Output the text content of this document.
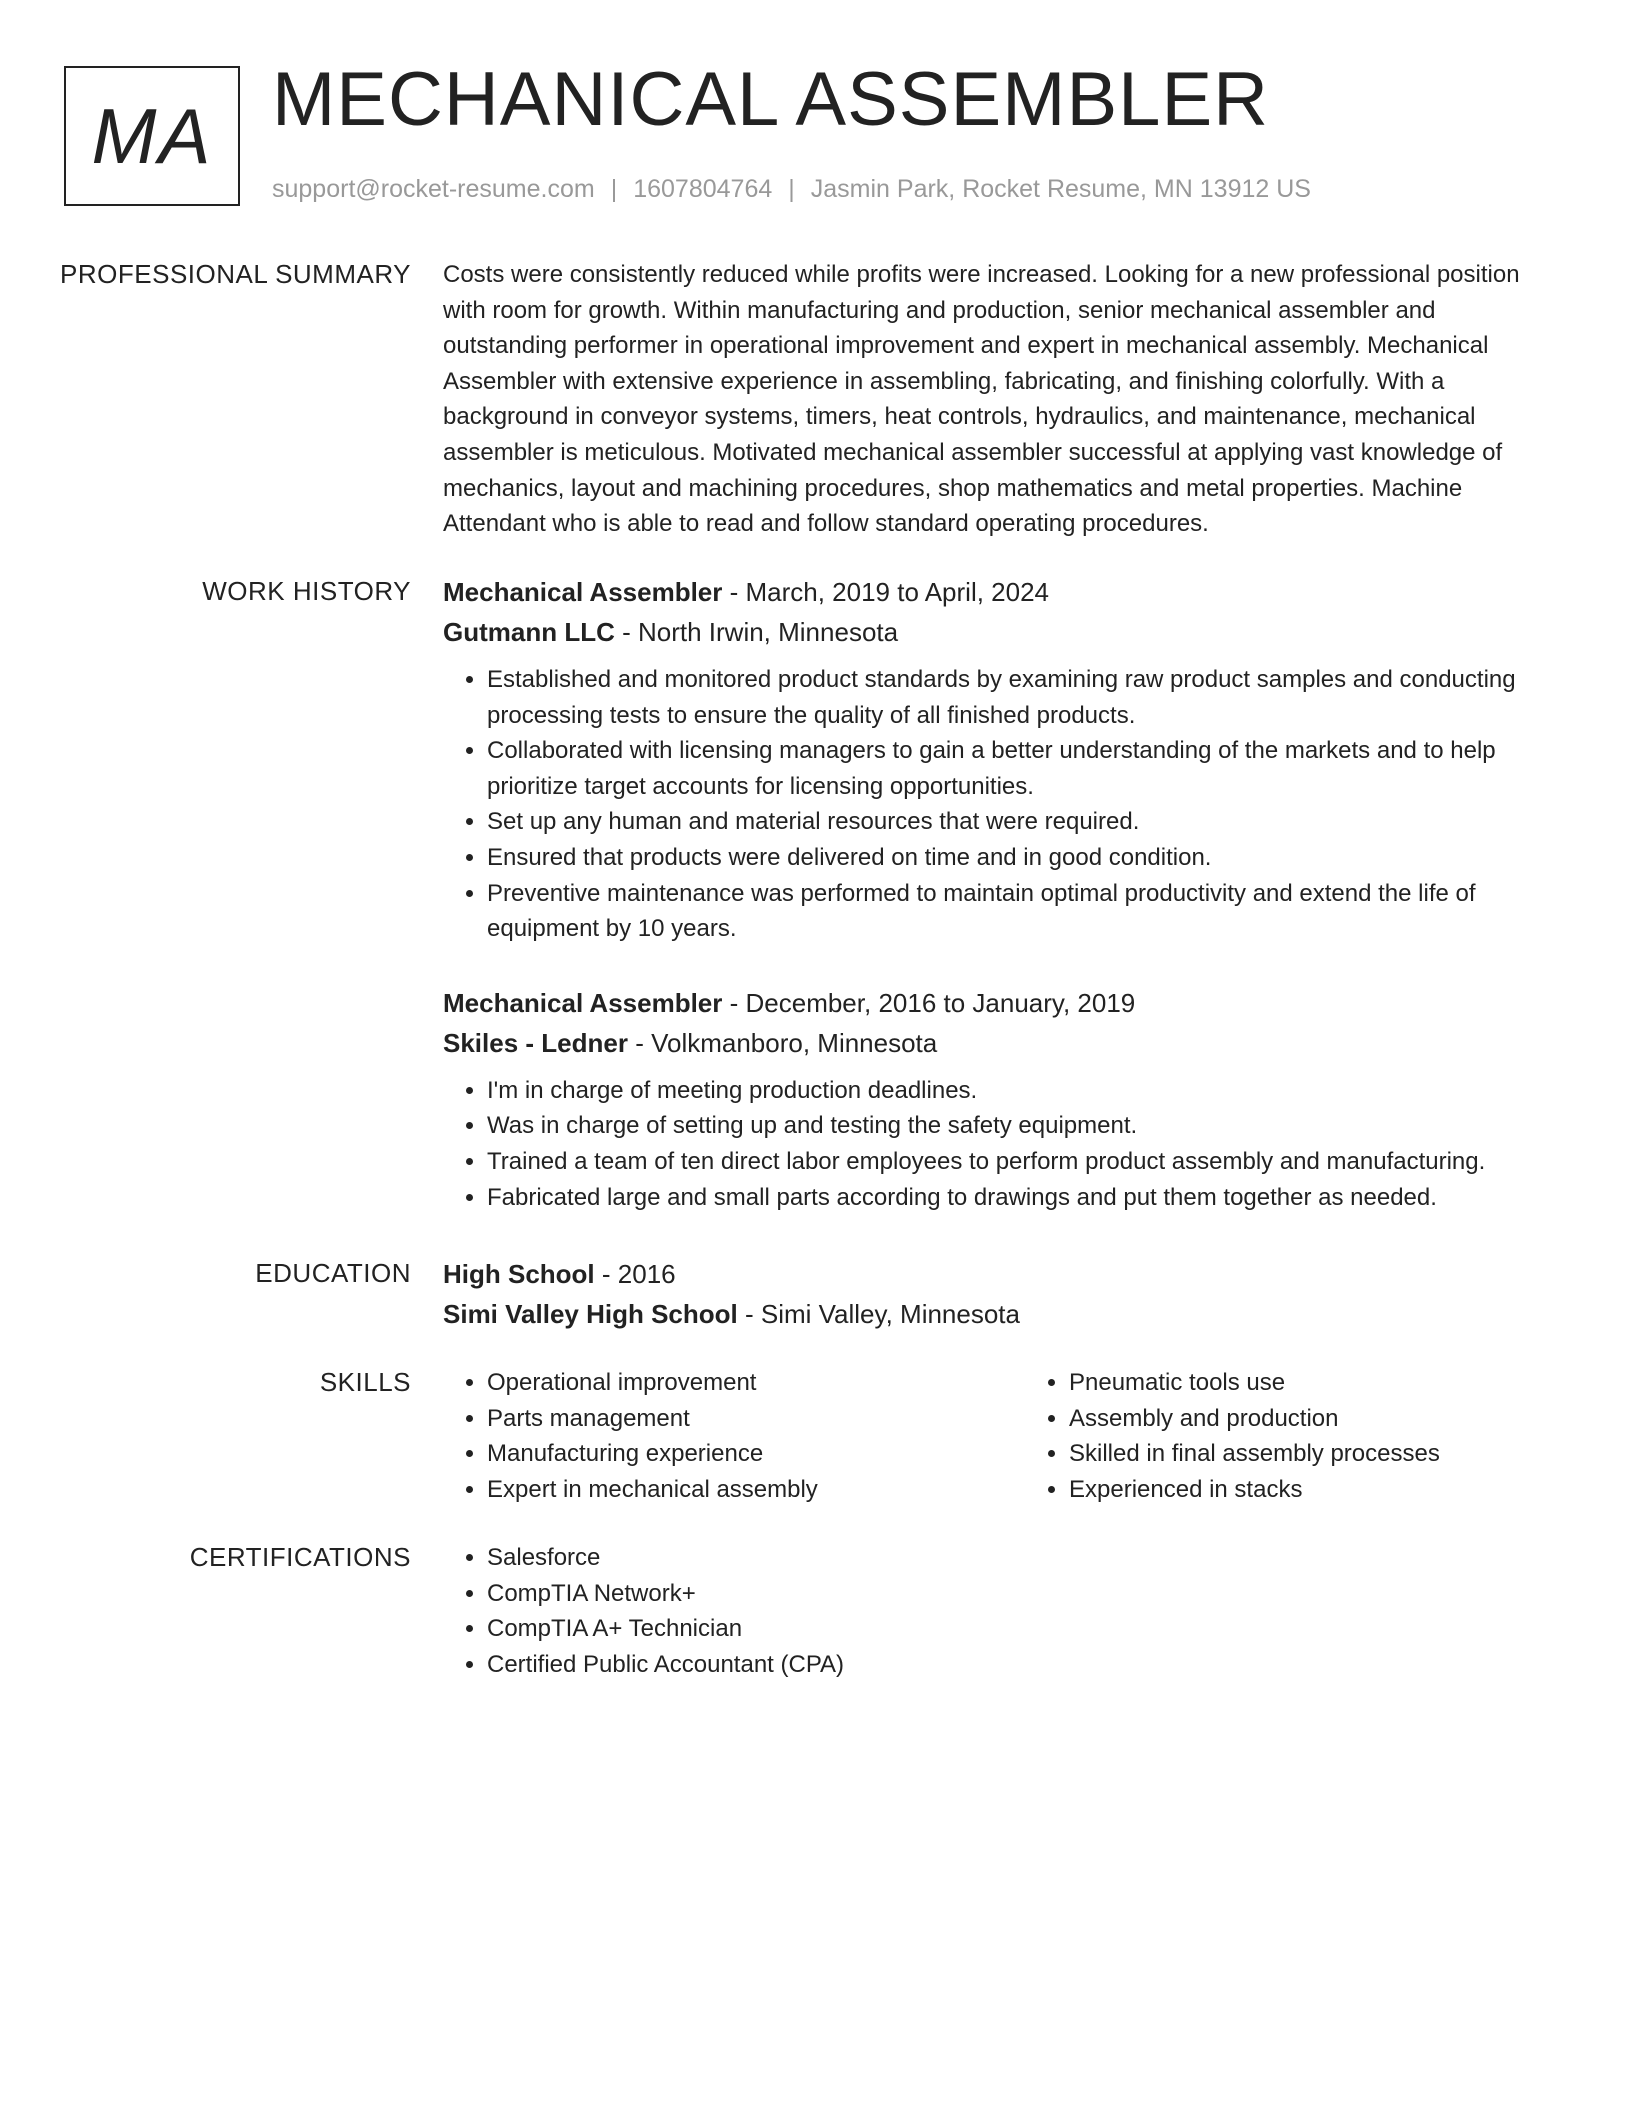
MA MECHANICAL ASSEMBLER
support@rocket-resume.com | 1607804764 | Jasmin Park, Rocket Resume, MN 13912 US
PROFESSIONAL SUMMARY Costs were consistently reduced while profits were increased. Looking for a new professional position with room for growth. Within manufacturing and production, senior mechanical assembler and outstanding performer in operational improvement and expert in mechanical assembly. Mechanical Assembler with extensive experience in assembling, fabricating, and finishing colorfully. With a background in conveyor systems, timers, heat controls, hydraulics, and maintenance, mechanical assembler is meticulous. Motivated mechanical assembler successful at applying vast knowledge of mechanics, layout and machining procedures, shop mathematics and metal properties. Machine Attendant who is able to read and follow standard operating procedures.

WORK HISTORY Mechanical Assembler - March, 2019 to April, 2024
Gutmann LLC - North Irwin, Minnesota
• Established and monitored product standards by examining raw product samples and conducting processing tests to ensure the quality of all finished products.
• Collaborated with licensing managers to gain a better understanding of the markets and to help prioritize target accounts for licensing opportunities.
• Set up any human and material resources that were required.
• Ensured that products were delivered on time and in good condition.
• Preventive maintenance was performed to maintain optimal productivity and extend the life of equipment by 10 years.
Mechanical Assembler - December, 2016 to January, 2019
Skiles - Ledner - Volkmanboro, Minnesota
• I'm in charge of meeting production deadlines.
• Was in charge of setting up and testing the safety equipment.
• Trained a team of ten direct labor employees to perform product assembly and manufacturing.
• Fabricated large and small parts according to drawings and put them together as needed.
EDUCATION High School - 2016
Simi Valley High School - Simi Valley, Minnesota
SKILLS	• Operational improvement
• Parts management
• Manufacturing experience
• Expert in mechanical assembly
• Pneumatic tools use
• Assembly and production
• Skilled in final assembly processes
• Experienced in stacks
CERTIFICATIONS	• Salesforce
• CompTIA Network+
• CompTIA A+ Technician
• Certified Public Accountant (CPA)
